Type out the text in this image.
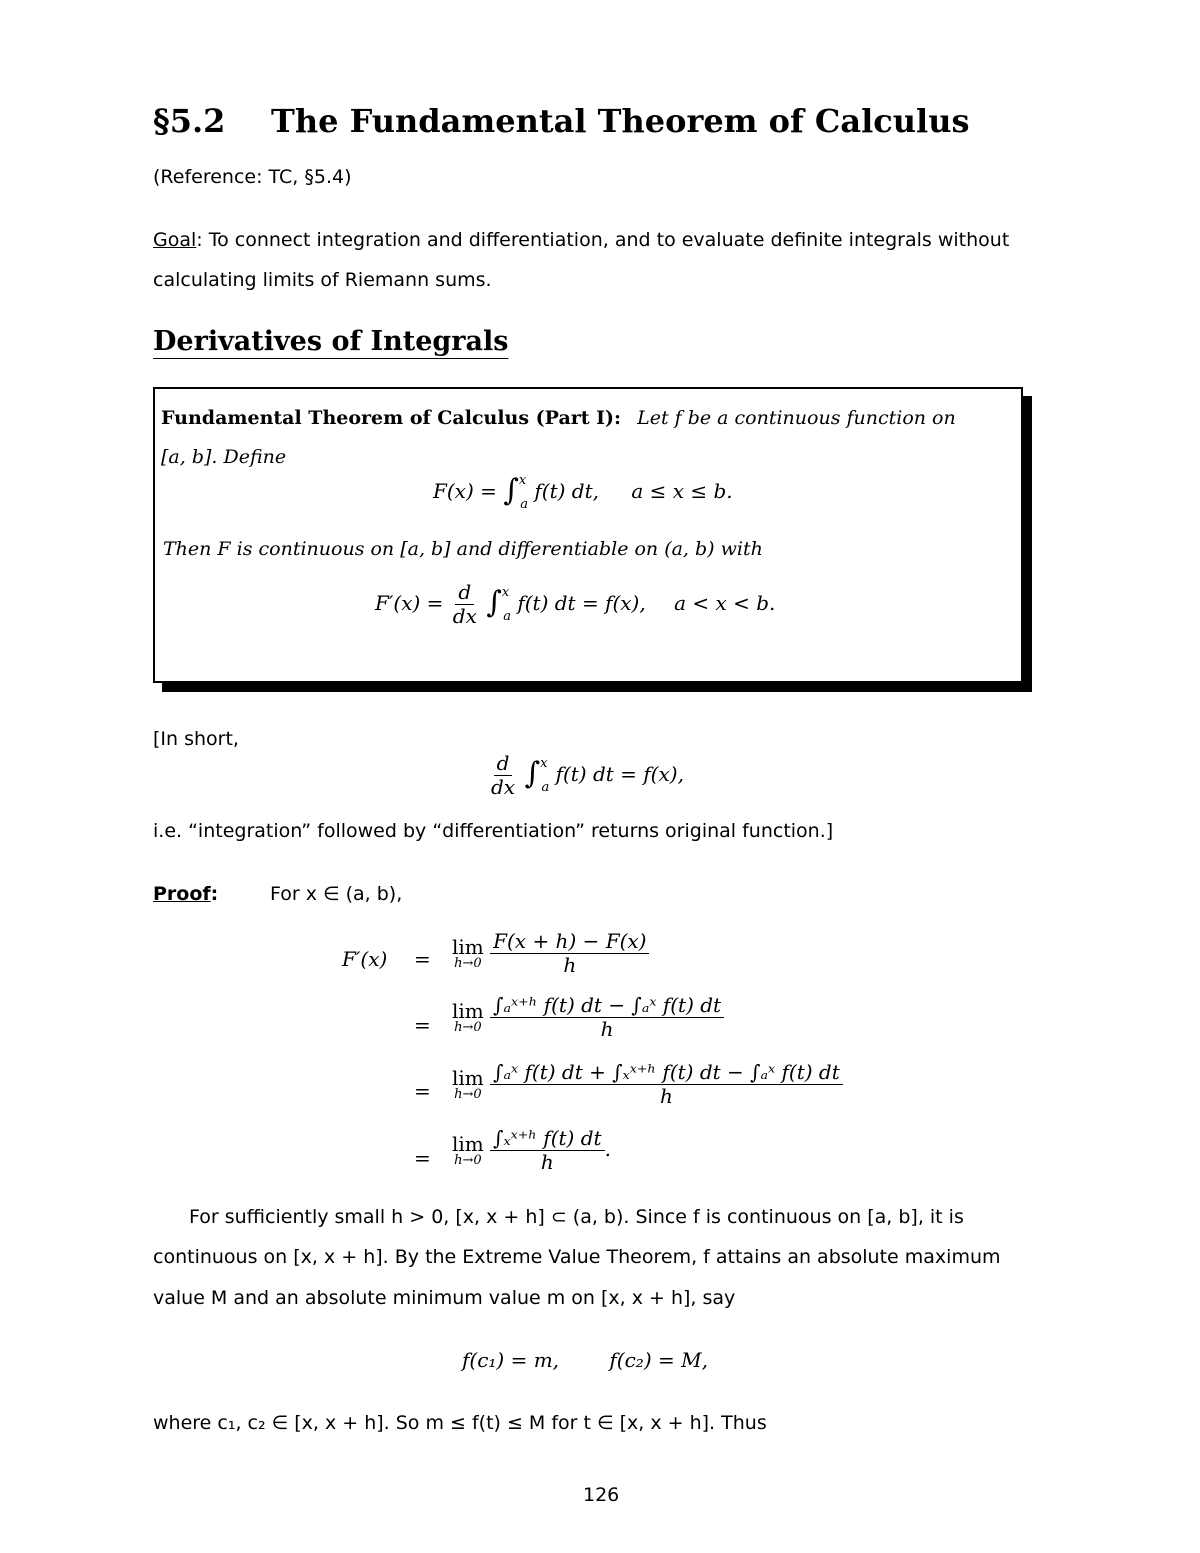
§5.2 The Fundamental Theorem of Calculus
(Reference: TC, §5.4)
Goal: To connect integration and differentiation, and to evaluate definite integrals without
calculating limits of Riemann sums.
Derivatives of Integrals
Fundamental Theorem of Calculus (Part I): Let f be a continuous function on
[a, b]. Define
F(x) = ∫$^x_a$ f(t) dt, a ≤ x ≤ b.
Then F is continuous on [a, b] and differentiable on (a, b) with
$F'(x) = \frac{d}{dx} \int^x_a$ f(t) dt = f(x), a < x < b.
[In short,
$\frac{d}{dx} \int^x_a$ f(t) dt = f(x),
i.e. “integration” followed by “differentiation” returns original function.]
Proof:	For x ∈ (a, b),
F′(x) = lim
h→0
$\frac{F(x + h) - F(x)}{h}$
=
lim
h→0
$\frac{\text{∫ₐˣ⁺ʰ f(t) dt − ∫ₐˣ f(t) dt}}{h}$
=
lim
h→0
$\frac{\text{∫ₐˣ f(t) dt + ∫ₓˣ⁺ʰ f(t) dt − ∫ₐˣ f(t) dt}}{h}$
=
lim
h→0
$\frac{\text{∫ₓˣ⁺ʰ f(t) dt}}{h}$ .
For sufficiently small h > 0, [x, x + h] ⊂ (a, b). Since f is continuous on [a, b], it is
continuous on [x, x + h]. By the Extreme Value Theorem, f attains an absolute maximum
value M and an absolute minimum value m on [x, x + h], say
f(c₁) = m,	f(c₂) = M,
where c₁, c₂ ∈ [x, x + h]. So m ≤ f(t) ≤ M for t ∈ [x, x + h]. Thus
126
